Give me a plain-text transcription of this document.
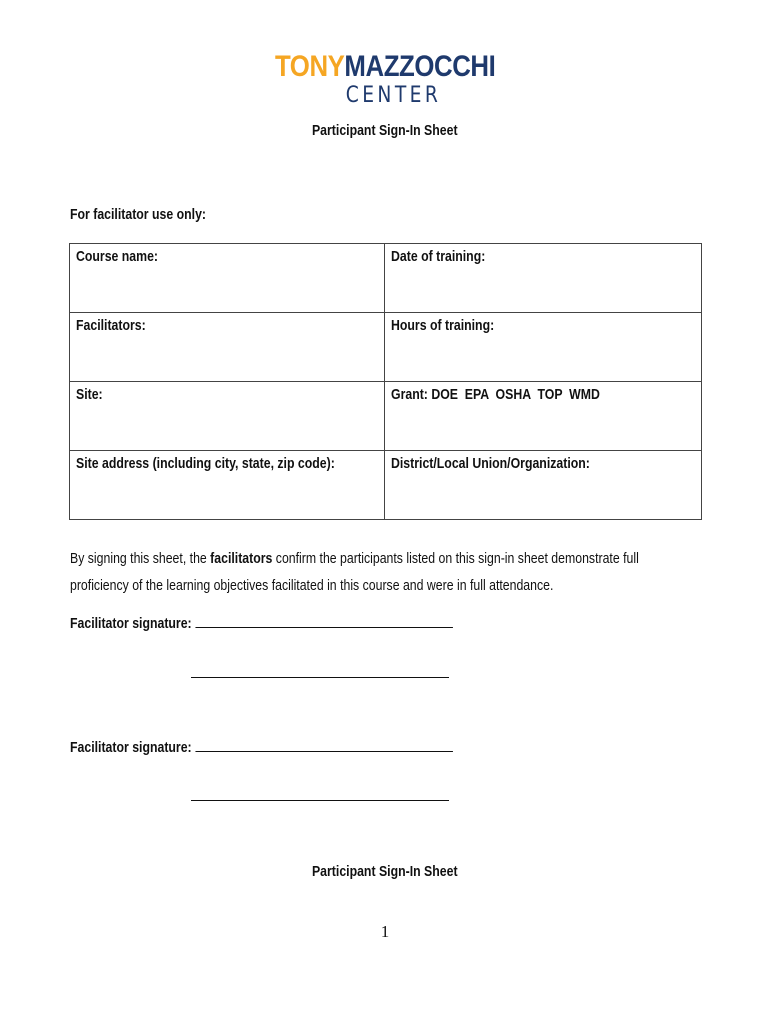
TONYMAZZOCCHI
CENTER
Participant Sign-In Sheet
For facilitator use only:
Course name:	Date of training:
Facilitators:	Hours of training:
Site:	Grant: DOE  EPA  OSHA  TOP  WMD
Site address (including city, state, zip code):	District/Local Union/Organization:
By signing this sheet, the facilitators confirm the participants listed on this sign-in sheet demonstrate full
proficiency of the learning objectives facilitated in this course and were in full attendance.
Facilitator signature:
Facilitator signature:
Participant Sign-In Sheet
1
